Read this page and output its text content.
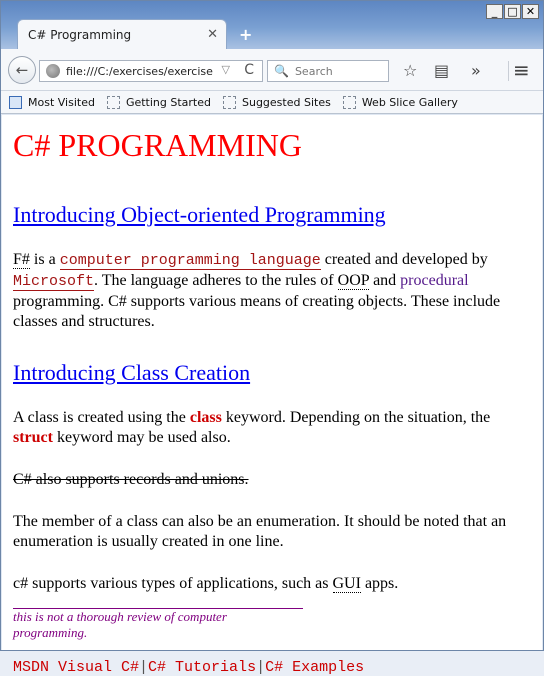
_ □ ✕
C# Programming	✕ +
←	file:///C:/exercises/exercise ▽ C 🔍 Search	☆ ▤ » ≡
Most Visited	Getting Started	Suggested Sites	Web Slice Gallery
C# PROGRAMMING
Introducing Object-oriented Programming

F# is a computer programming language created and developed by Microsoft. The language adheres to the rules of OOP and procedural programming. C# supports various means of creating objects. These include classes and structures.

Introducing Class Creation

A class is created using the class keyword. Depending on the situation, the struct keyword may be used also.

C# also supports records and unions.

The member of a class can also be an enumeration. It should be noted that an enumeration is usually created in one line.

c# supports various types of applications, such as GUI apps.

this is not a thorough review of computer programming.
MSDN Visual C#|C# Tutorials|C# Examples
